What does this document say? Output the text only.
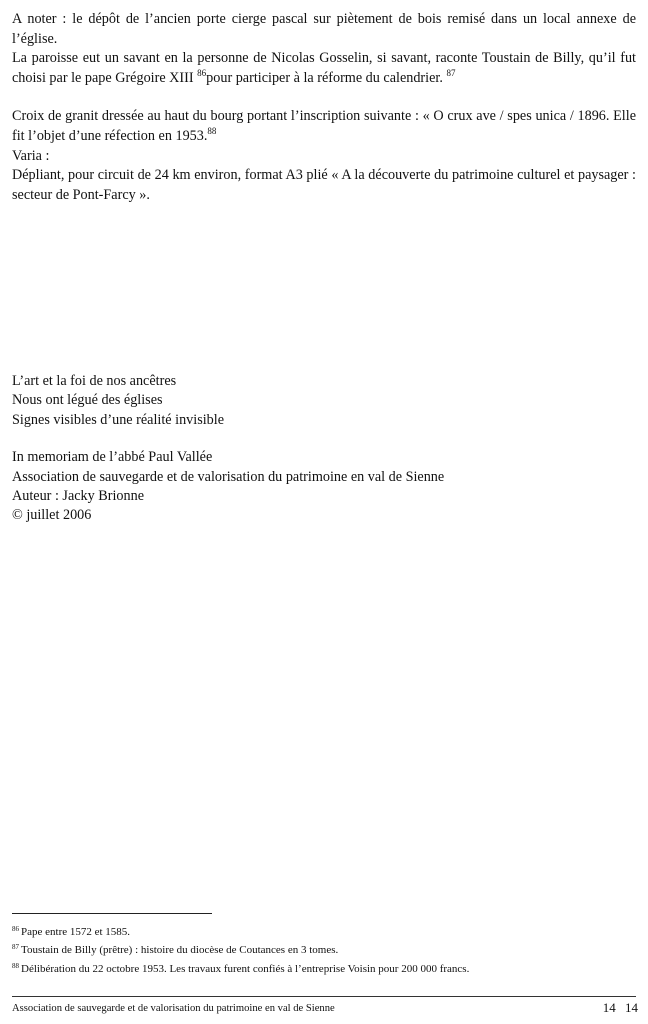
A noter : le dépôt de l’ancien porte cierge pascal sur piètement de bois remisé dans un local annexe de l’église.

La paroisse eut un savant en la personne de Nicolas Gosselin, si savant, raconte Toustain de Billy, qu’il fut choisi par le pape Grégoire XIII $^{86}$pour participer à la réforme du calendrier. $^{87}$

Croix de granit dressée au haut du bourg portant l’inscription suivante : « O crux ave / spes unica / 1896. Elle fit l’objet d’une réfection en 1953.88

Varia :

Dépliant, pour circuit de 24 km environ, format A3 plié « A la découverte du patrimoine culturel et paysager : secteur de Pont-Farcy ».

L’art et la foi de nos ancêtres
Nous ont légué des églises
Signes visibles d’une réalité invisible
In memoriam de l’abbé Paul Vallée
Association de sauvegarde et de valorisation du patrimoine en val de Sienne
Auteur : Jacky Brionne
© juillet 2006
$^{86}$ Pape entre 1572 et 1585.
$^{87}$ Toustain de Billy (prêtre) : histoire du diocèse de Coutances en 3 tomes.
$^{88}$ Délibération du 22 octobre 1953. Les travaux furent confiés à l’entreprise Voisin pour 200 000 francs.
Association de sauvegarde et de valorisation du patrimoine en val de Sienne	14 14
